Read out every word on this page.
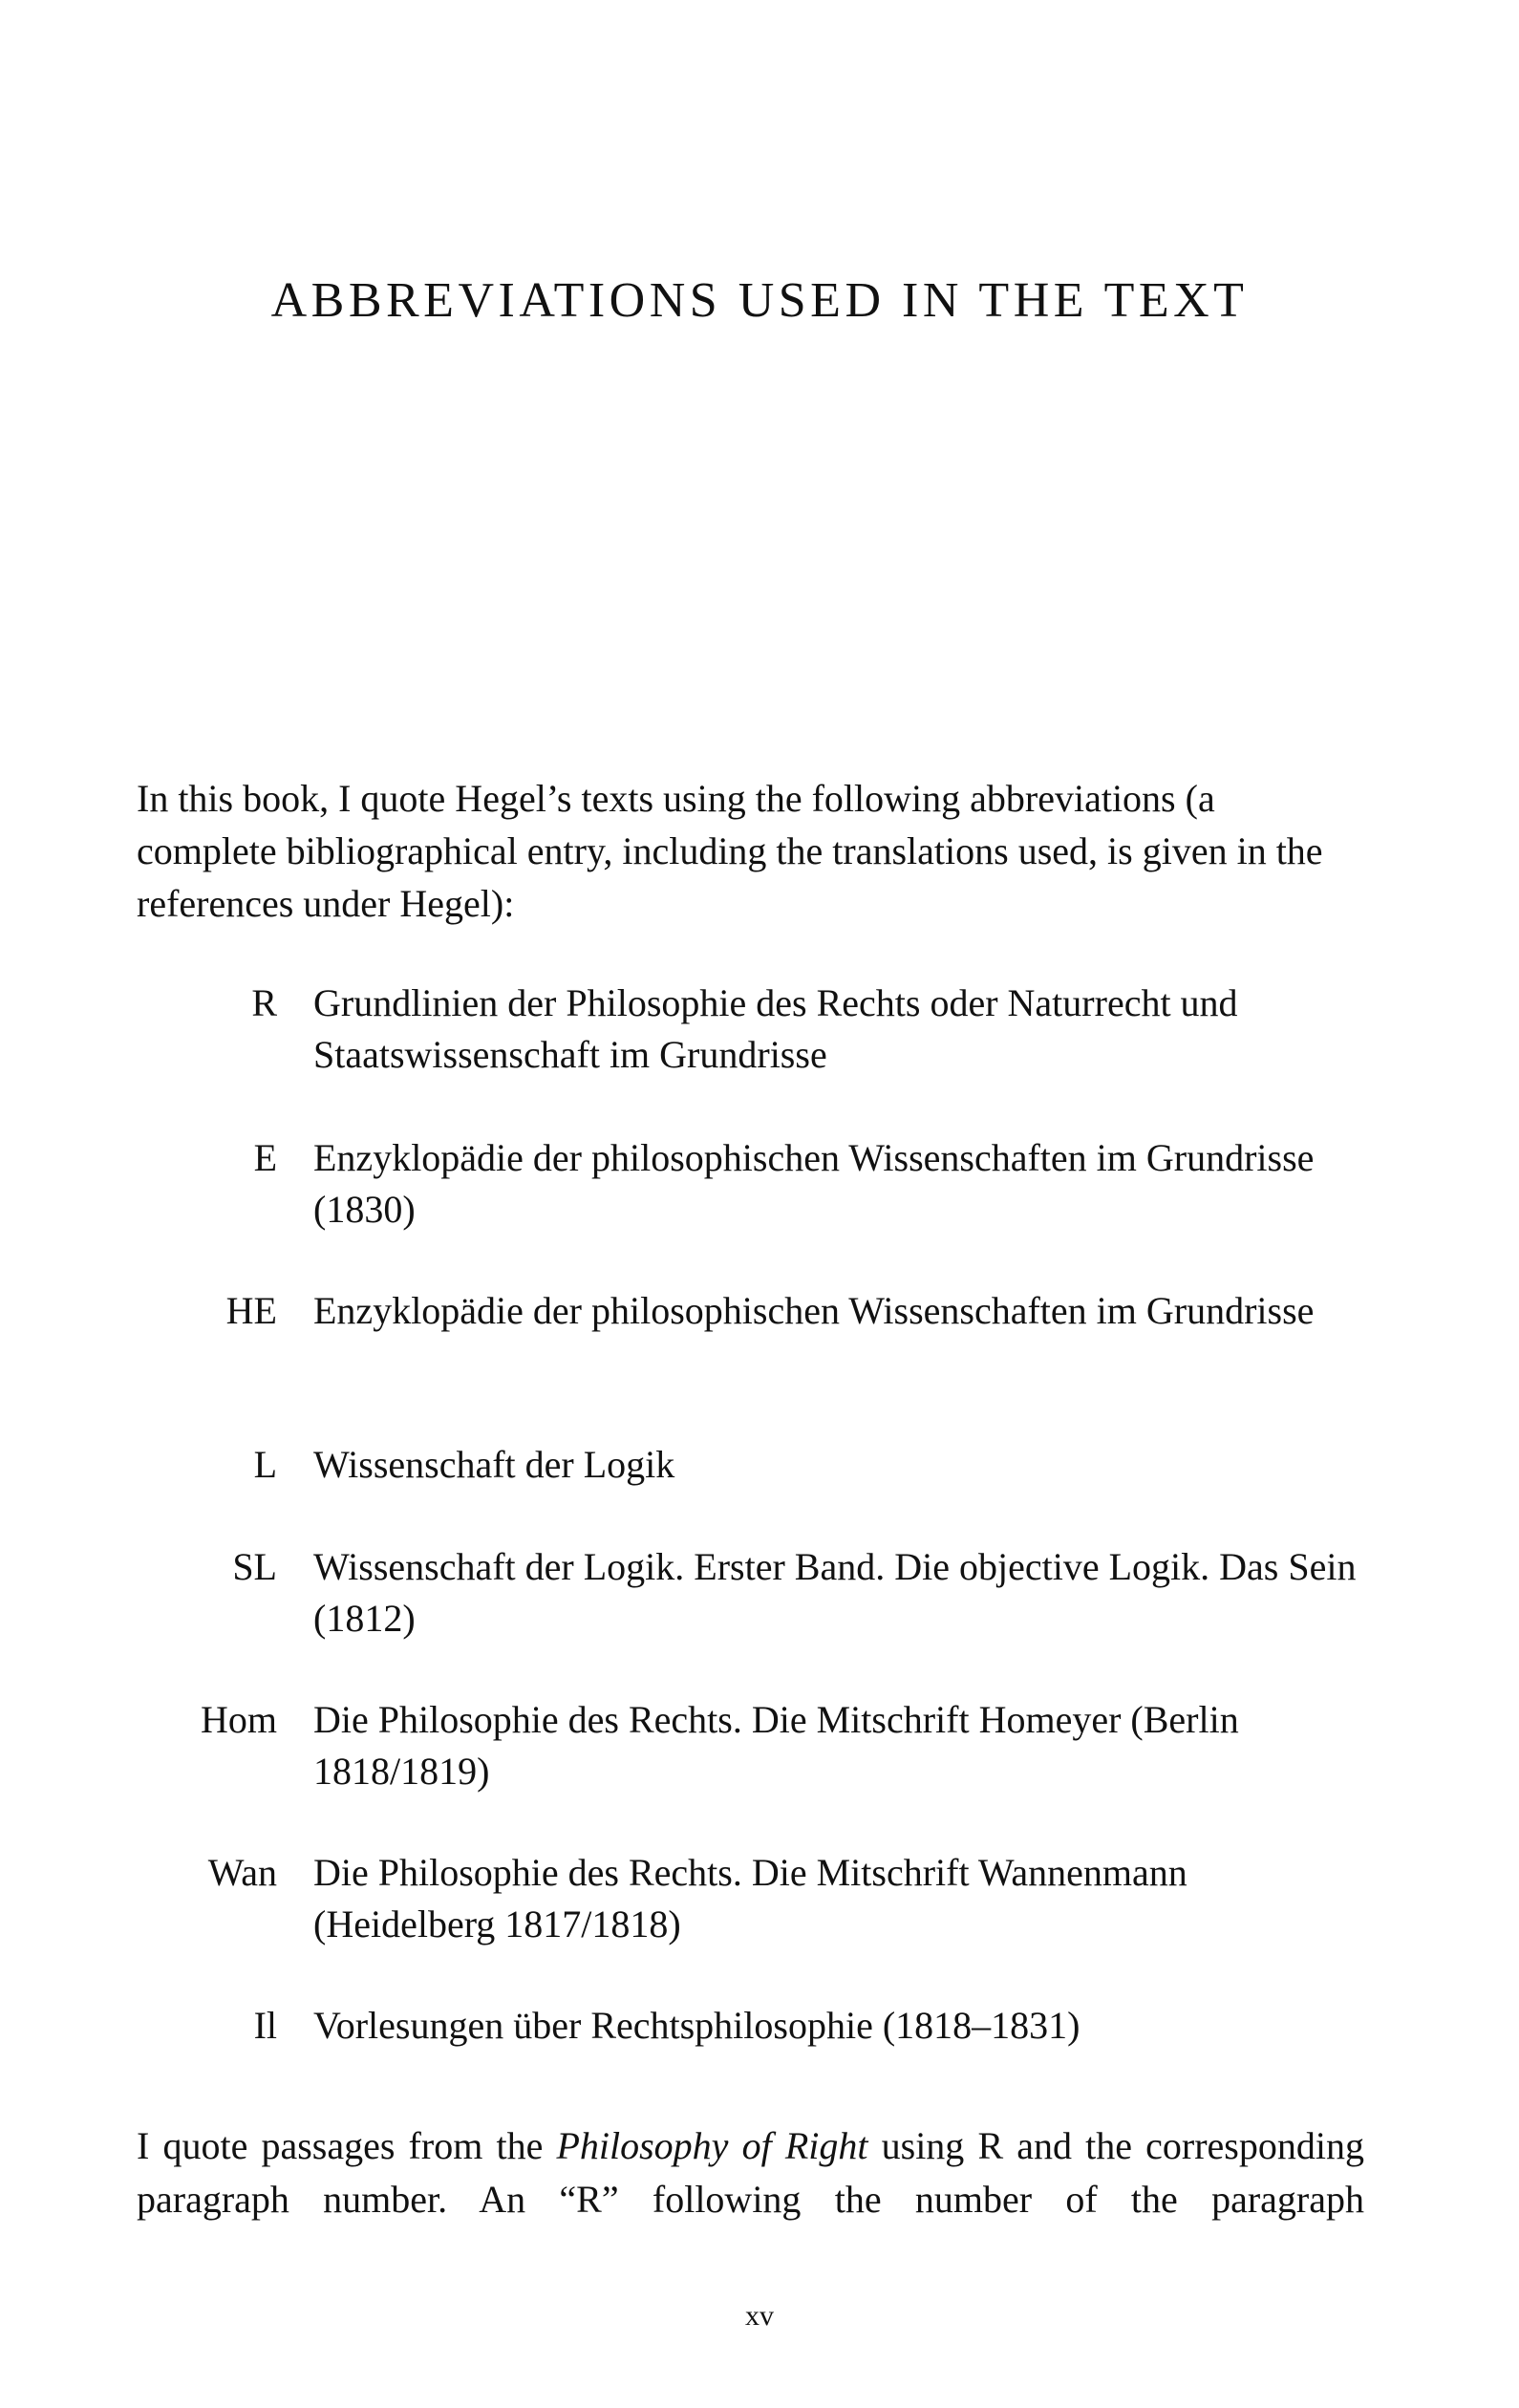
ABBREVIATIONS USED IN THE TEXT

In this book, I quote Hegel’s texts using the following abbreviations (a complete bibliographical entry, including the translations used, is given in the references under Hegel):

R Grundlinien der Philosophie des Rechts oder Naturrecht und Staatswissenschaft im Grundrisse
E Enzyklopädie der philosophischen Wissenschaften im Grundrisse (1830)
HE Enzyklopädie der philosophischen Wissenschaften im Grundrisse
L Wissenschaft der Logik
SL Wissenschaft der Logik. Erster Band. Die objective Logik. Das Sein (1812)
Hom Die Philosophie des Rechts. Die Mitschrift Homeyer (Berlin 1818/1819)
Wan Die Philosophie des Rechts. Die Mitschrift Wannenmann (Heidelberg 1817/1818)
Il Vorlesungen über Rechtsphilosophie (1818–1831)

I quote passages from the Philosophy of Right using R and the corresponding paragraph number. An “R” following the number of the paragraph

xv
